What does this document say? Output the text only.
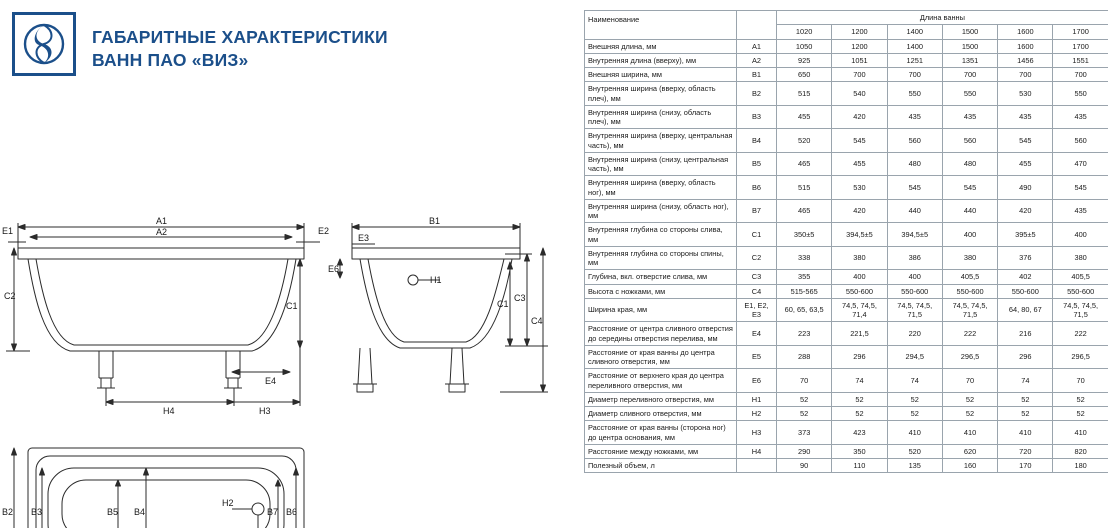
ГАБАРИТНЫЕ ХАРАКТЕРИСТИКИ
ВАНН ПАО «ВИЗ»
A1
A2
E1	E2
C2
C1
E4
H4	H3
B1
E3
E6
C1
C3
C4
H1
B2 B3	B5 B4	B7 B6
H2
Наименование		Длина ванны					
		1020	1200	1400	1500	1600	1700
Внешняя длина, мм	A1	1050	1200	1400	1500	1600	1700
Внутренняя длина (вверху), мм	A2	925	1051	1251	1351	1456	1551
Внешняя ширина, мм	B1	650	700	700	700	700	700
Внутренняя ширина (вверху, область плеч), мм	B2	515	540	550	550	530	550
Внутренняя ширина (снизу, область плеч), мм	B3	455	420	435	435	435	435
Внутренняя ширина (вверху, центральная часть), мм	B4	520	545	560	560	545	560
Внутренняя ширина (снизу, центральная часть), мм	B5	465	455	480	480	455	470
Внутренняя ширина (вверху, область ног), мм	B6	515	530	545	545	490	545
Внутренняя ширина (снизу, область ног), мм	B7	465	420	440	440	420	435
Внутренняя глубина со стороны слива, мм	C1	350±5	394,5±5	394,5±5	400	395±5	400
Внутренняя глубина со стороны спины, мм	C2	338	380	386	380	376	380
Глубина, вкл. отверстие слива, мм	C3	355	400	400	405,5	402	405,5
Высота с ножками, мм	C4	515-565	550-600	550-600	550-600	550-600	550-600
Ширина края, мм	E1, E2, E3	60, 65, 63,5	74,5, 74,5, 71,4	74,5, 74,5, 71,5	74,5, 74,5, 71,5	64, 80, 67	74,5, 74,5, 71,5
Расстояние от центра сливного отверстия до середины отверстия перелива, мм	E4	223	221,5	220	222	216	222
Расстояние от края ванны до центра сливного отверстия, мм	E5	288	296	294,5	296,5	296	296,5
Расстояние от верхнего края до центра переливного отверстия, мм	E6	70	74	74	70	74	70
Диаметр переливного отверстия, мм	H1	52	52	52	52	52	52
Диаметр сливного отверстия, мм	H2	52	52	52	52	52	52
Расстояние от края ванны (сторона ног) до центра основания, мм	H3	373	423	410	410	410	410
Расстояние между ножками, мм	H4	290	350	520	620	720	820
Полезный объем, л		90	110	135	160	170	180
